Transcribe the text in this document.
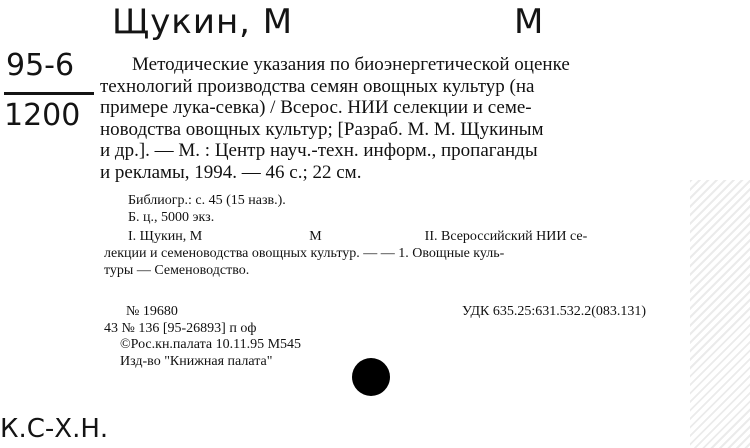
Щукин, М	М
95-6
1200
Методические указания по биоэнергетической оценке
технологий производства семян овощных культур (на
примере лука-севка) / Всерос. НИИ селекции и семе-
новодства овощных культур; [Разраб. М. М. Щукиным
и др.]. — М. : Центр науч.-техн. информ., пропаганды
и рекламы, 1994. — 46 с.; 22 см.
Библиогр.: с. 45 (15 назв.).
Б. ц., 5000 экз.
I. Щукин, М	М	II. Всероссийский НИИ се-
лекции и семеноводства овощных культур. — — 1. Овощные куль-
туры — Семеноводство.
№ 19680
43 № 136 [95-26893] п оф
©Рос.кн.палата 10.11.95 М545
Изд-во "Книжная палата"
УДК 635.25:631.532.2(083.131)
К.С-Х.Н.
